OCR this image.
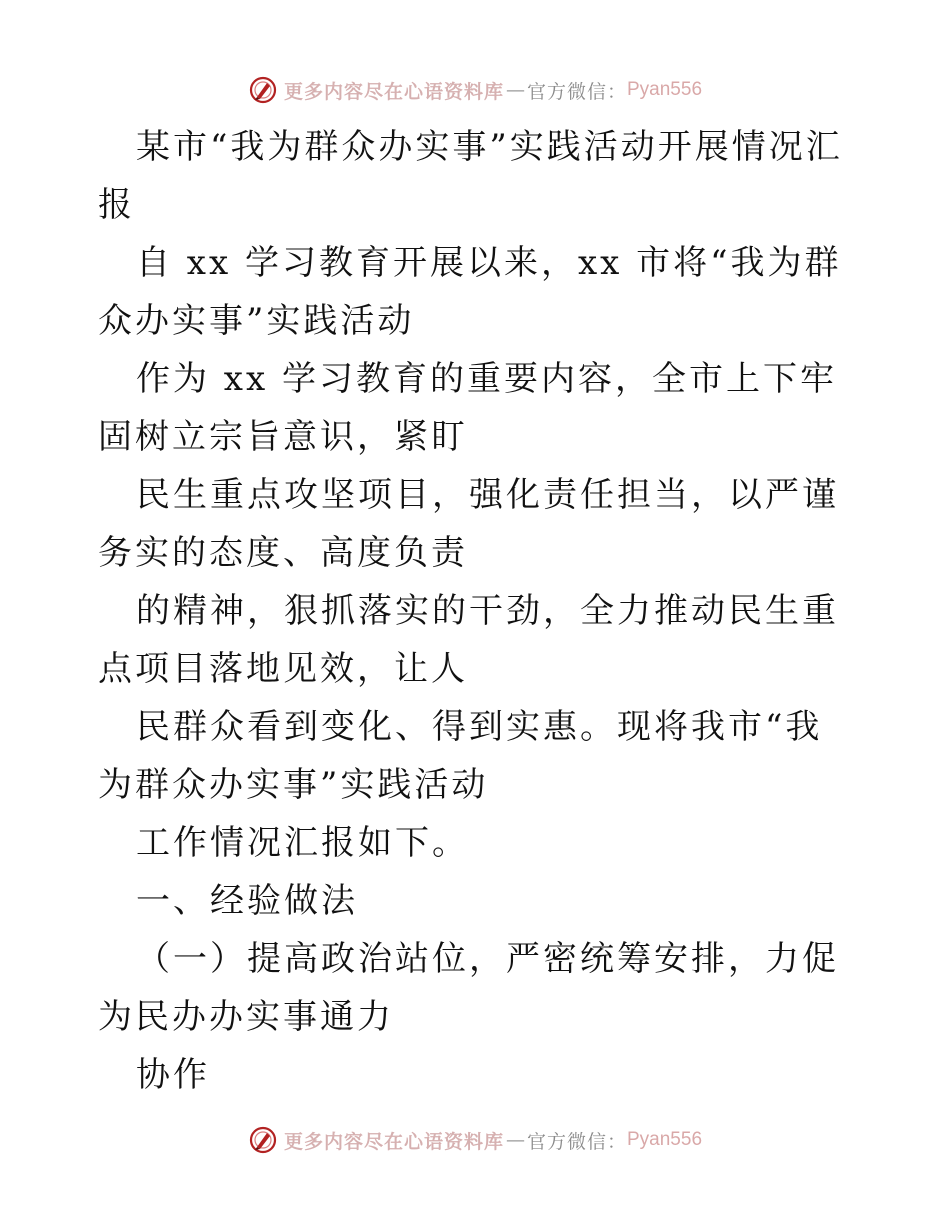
更多内容尽在心语资料库 — 官方微信： Pyan556

某市“我为群众办实事”实践活动开展情况汇报

自 xx 学习教育开展以来，xx 市将“我为群众办实事”实践活动

作为 xx 学习教育的重要内容，全市上下牢固树立宗旨意识，紧盯

民生重点攻坚项目，强化责任担当，以严谨务实的态度、高度负责

的精神，狠抓落实的干劲，全力推动民生重点项目落地见效，让人

民群众看到变化、得到实惠。现将我市“我为群众办实事”实践活动

工作情况汇报如下。

一、经验做法

（一）提高政治站位，严密统筹安排，力促为民办办实事通力

协作

更多内容尽在心语资料库 — 官方微信： Pyan556
